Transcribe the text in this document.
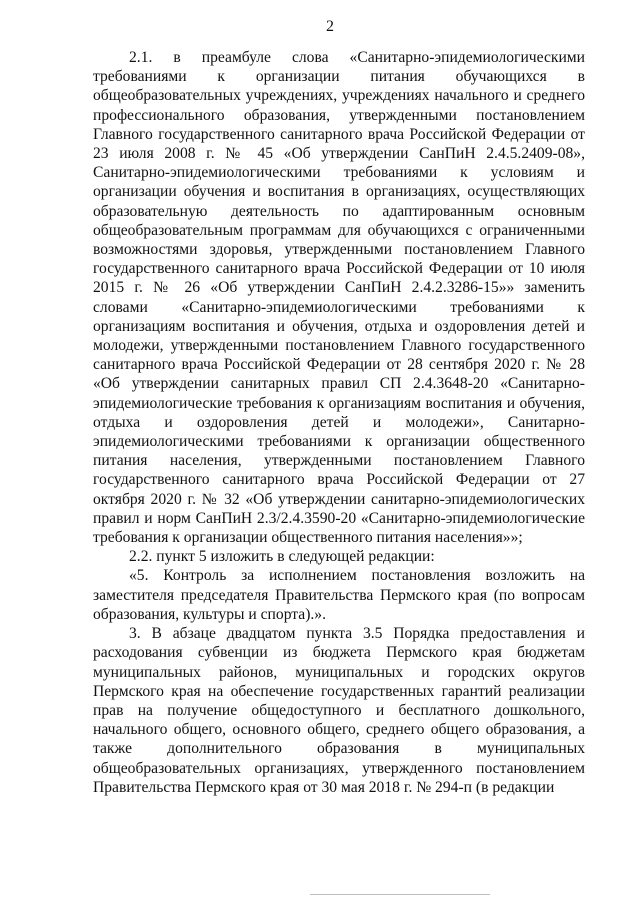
2

2.1. в преамбуле слова «Санитарно-эпидемиологическими требованиями к организации питания обучающихся в общеобразовательных учреждениях, учреждениях начального и среднего профессионального образования, утвержденными постановлением Главного государственного санитарного врача Российской Федерации от 23 июля 2008 г. № 45 «Об утверждении СанПиН 2.4.5.2409-08», Санитарно-эпидемиологическими требованиями к условиям и организации обучения и воспитания в организациях, осуществляющих образовательную деятельность по адаптированным основным общеобразовательным программам для обучающихся с ограниченными возможностями здоровья, утвержденными постановлением Главного государственного санитарного врача Российской Федерации от 10 июля 2015 г. № 26 «Об утверждении СанПиН 2.4.2.3286-15»» заменить словами «Санитарно-эпидемиологическими требованиями к организациям воспитания и обучения, отдыха и оздоровления детей и молодежи, утвержденными постановлением Главного государственного санитарного врача Российской Федерации от 28 сентября 2020 г. № 28 «Об утверждении санитарных правил СП 2.4.3648-20 «Санитарно-эпидемиологические требования к организациям воспитания и обучения, отдыха и оздоровления детей и молодежи», Санитарно-эпидемиологическими требованиями к организации общественного питания населения, утвержденными постановлением Главного государственного санитарного врача Российской Федерации от 27 октября 2020 г. № 32 «Об утверждении санитарно-эпидемиологических правил и норм СанПиН 2.3/2.4.3590-20 «Санитарно-эпидемиологические требования к организации общественного питания населения»»;

2.2. пункт 5 изложить в следующей редакции:

«5. Контроль за исполнением постановления возложить на заместителя председателя Правительства Пермского края (по вопросам образования, культуры и спорта).».

3. В абзаце двадцатом пункта 3.5 Порядка предоставления и расходования субвенции из бюджета Пермского края бюджетам муниципальных районов, муниципальных и городских округов Пермского края на обеспечение государственных гарантий реализации прав на получение общедоступного и бесплатного дошкольного, начального общего, основного общего, среднего общего образования, а также дополнительного образования в муниципальных общеобразовательных организациях, утвержденного постановлением Правительства Пермского края от 30 мая 2018 г. № 294-п (в редакции
